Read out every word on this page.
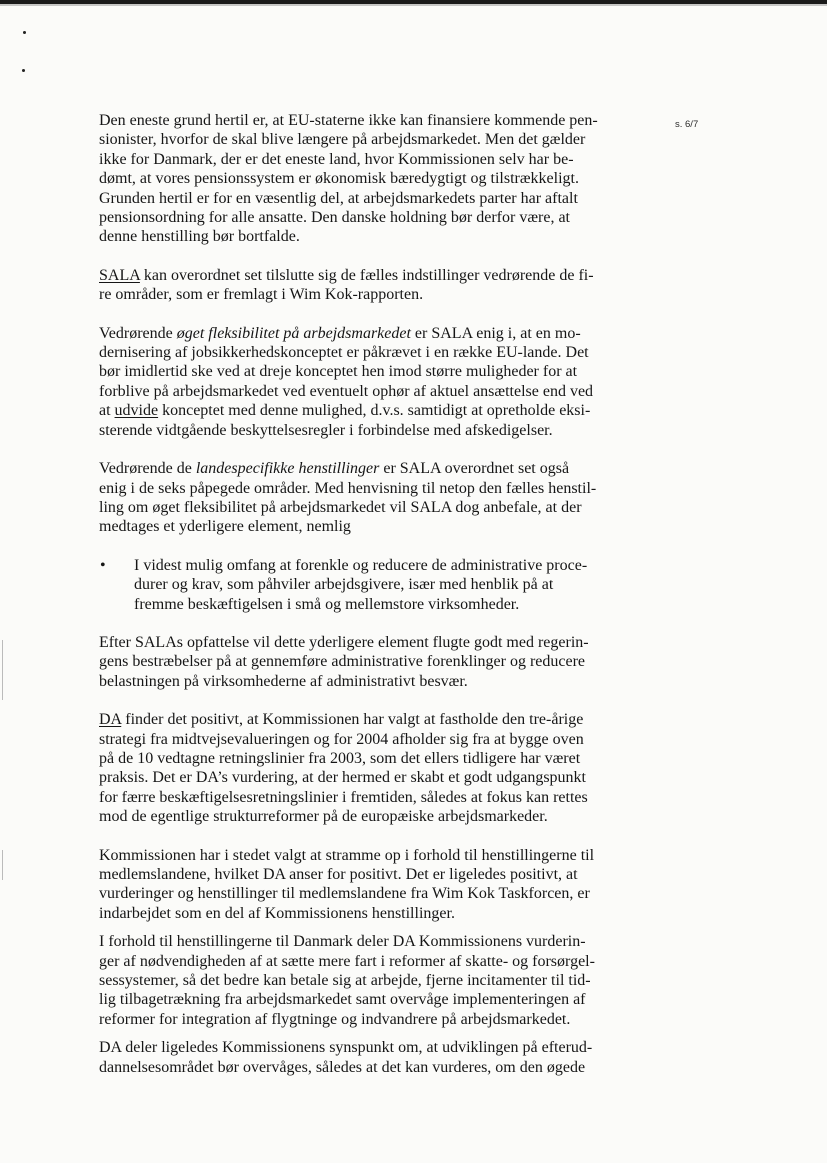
s. 6/7
Den eneste grund hertil er, at EU-staterne ikke kan finansiere kommende pen-
sionister, hvorfor de skal blive længere på arbejdsmarkedet. Men det gælder
ikke for Danmark, der er det eneste land, hvor Kommissionen selv har be-
dømt, at vores pensionssystem er økonomisk bæredygtigt og tilstrækkeligt.
Grunden hertil er for en væsentlig del, at arbejdsmarkedets parter har aftalt
pensionsordning for alle ansatte. Den danske holdning bør derfor være, at
denne henstilling bør bortfalde.
SALA kan overordnet set tilslutte sig de fælles indstillinger vedrørende de fi-
re områder, som er fremlagt i Wim Kok-rapporten.
Vedrørende øget fleksibilitet på arbejdsmarkedet er SALA enig i, at en mo-
dernisering af jobsikkerhedskonceptet er påkrævet i en række EU-lande. Det
bør imidlertid ske ved at dreje konceptet hen imod større muligheder for at
forblive på arbejdsmarkedet ved eventuelt ophør af aktuel ansættelse end ved
at udvide konceptet med denne mulighed, d.v.s. samtidigt at opretholde eksi-
sterende vidtgående beskyttelsesregler i forbindelse med afskedigelser.
Vedrørende de landespecifikke henstillinger er SALA overordnet set også
enig i de seks påpegede områder. Med henvisning til netop den fælles henstil-
ling om øget fleksibilitet på arbejdsmarkedet vil SALA dog anbefale, at der
medtages et yderligere element, nemlig
•	I videst mulig omfang at forenkle og reducere de administrative proce-
durer og krav, som påhviler arbejdsgivere, især med henblik på at
fremme beskæftigelsen i små og mellemstore virksomheder.
Efter SALAs opfattelse vil dette yderligere element flugte godt med regerin-
gens bestræbelser på at gennemføre administrative forenklinger og reducere
belastningen på virksomhederne af administrativt besvær.
DA finder det positivt, at Kommissionen har valgt at fastholde den tre-årige
strategi fra midtvejsevalueringen og for 2004 afholder sig fra at bygge oven
på de 10 vedtagne retningslinier fra 2003, som det ellers tidligere har været
praksis. Det er DA’s vurdering, at der hermed er skabt et godt udgangspunkt
for færre beskæftigelsesretningslinier i fremtiden, således at fokus kan rettes
mod de egentlige strukturreformer på de europæiske arbejdsmarkeder.
Kommissionen har i stedet valgt at stramme op i forhold til henstillingerne til
medlemslandene, hvilket DA anser for positivt. Det er ligeledes positivt, at
vurderinger og henstillinger til medlemslandene fra Wim Kok Taskforcen, er
indarbejdet som en del af Kommissionens henstillinger.
I forhold til henstillingerne til Danmark deler DA Kommissionens vurderin-
ger af nødvendigheden af at sætte mere fart i reformer af skatte- og forsørgel-
sessystemer, så det bedre kan betale sig at arbejde, fjerne incitamenter til tid-
lig tilbagetrækning fra arbejdsmarkedet samt overvåge implementeringen af
reformer for integration af flygtninge og indvandrere på arbejdsmarkedet.
DA deler ligeledes Kommissionens synspunkt om, at udviklingen på efterud-
dannelsesområdet bør overvåges, således at det kan vurderes, om den øgede
